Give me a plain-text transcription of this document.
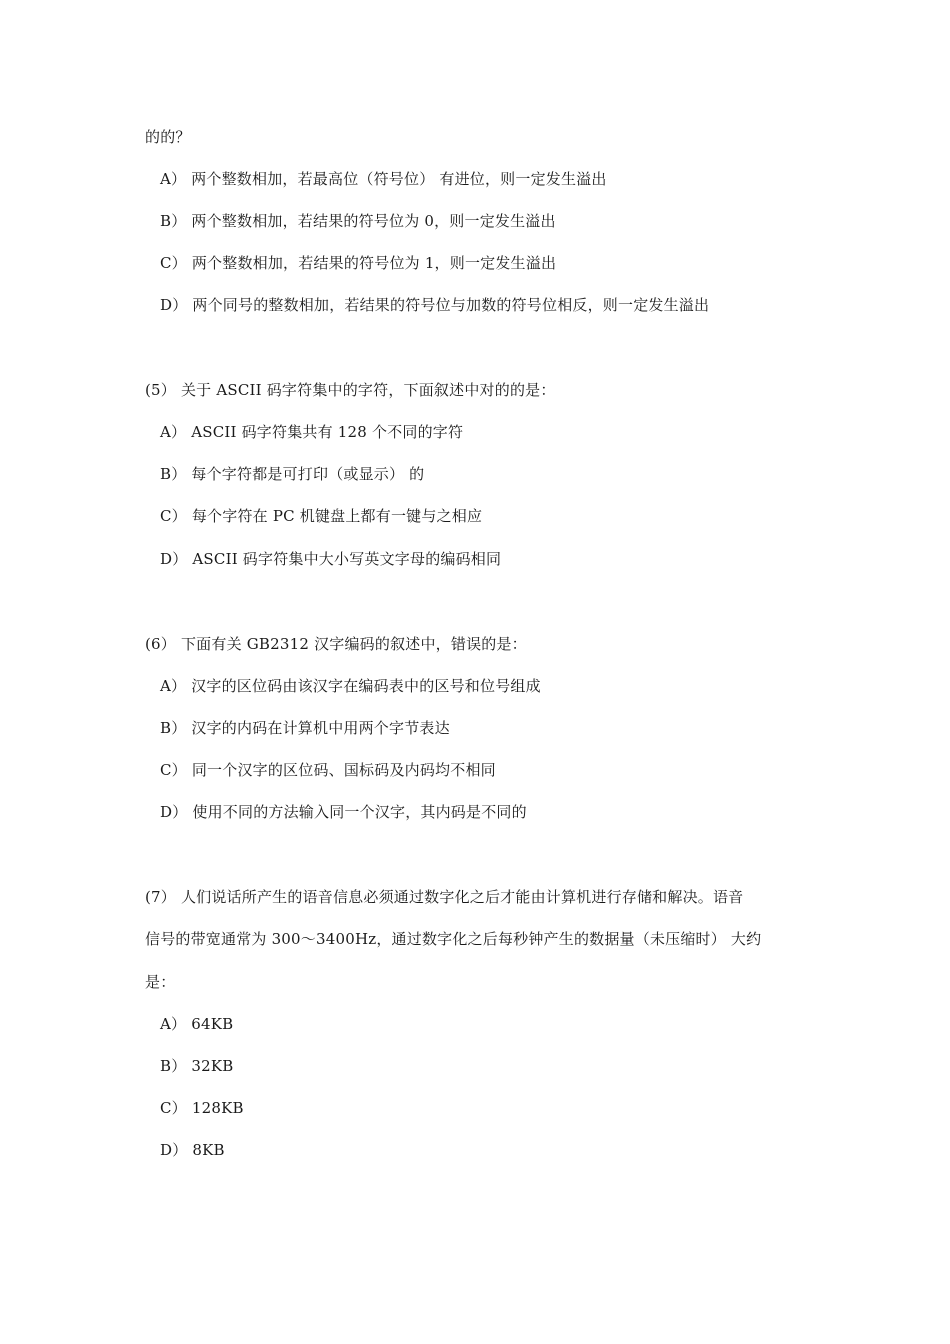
的的？
A） 两个整数相加，若最高位（符号位） 有进位，则一定发生溢出
B） 两个整数相加，若结果的符号位为 0，则一定发生溢出
C） 两个整数相加，若结果的符号位为 1，则一定发生溢出
D） 两个同号的整数相加，若结果的符号位与加数的符号位相反，则一定发生溢出
(5） 关于 ASCII 码字符集中的字符，下面叙述中对的的是：
A） ASCII 码字符集共有 128 个不同的字符
B） 每个字符都是可打印（或显示） 的
C） 每个字符在 PC 机键盘上都有一键与之相应
D） ASCII 码字符集中大小写英文字母的编码相同
(6） 下面有关 GB2312 汉字编码的叙述中，错误的是：
A） 汉字的区位码由该汉字在编码表中的区号和位号组成
B） 汉字的内码在计算机中用两个字节表达
C） 同一个汉字的区位码、国标码及内码均不相同
D） 使用不同的方法输入同一个汉字，其内码是不同的
(7） 人们说话所产生的语音信息必须通过数字化之后才能由计算机进行存储和解决。语音
信号的带宽通常为 300～3400Hz，通过数字化之后每秒钟产生的数据量（未压缩时） 大约
是：
A） 64KB
B） 32KB
C） 128KB
D） 8KB
